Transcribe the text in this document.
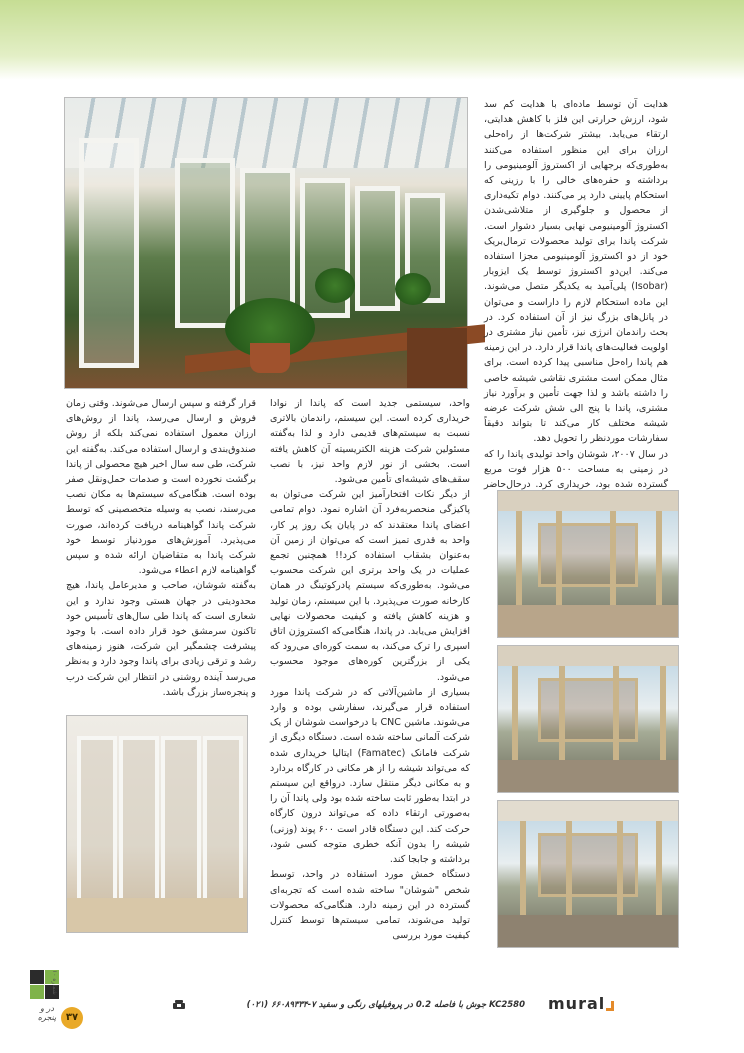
هدایت آن توسط ماده‌ای با هدایت کم سد شود، ارزش حرارتی این فلز با کاهش هدایتی، ارتقاء می‌یابد. بیشتر شرکت‌ها از راه‌حلی ارزان برای این منظور استفاده می‌کنند به‌طوری‌که برجهایی از اکستروژ آلومینیومی را برداشته و حفره‌های خالی را با رزینی که استحکام پایینی دارد پر می‌کنند. دوام‌ تکیه‌داری از محصول و جلوگیری از متلاشی‌شدن اکستروژ آلومینیومی نهایی بسیار دشوار است. شرکت پاندا برای تولید محصولات ترمال‌بریک خود از دو اکستروژ آلومینیومی مجزا استفاده می‌کند. این‌دو اکستروژ توسط یک ایزوبار (Isobar) پلی‌آمید به یکدیگر متصل می‌شوند. این ماده استحکام لازم را داراست و می‌توان در پانل‌های بزرگ نیز از آن استفاده کرد. در بحث راندمان انرژی نیز، تأمین نیاز مشتری در اولویت فعالیت‌های پاندا قرار دارد. در این زمینه هم پاندا راه‌حل مناسبی پیدا کرده است. برای مثال ممکن است مشتری نقاشی‌ شیشه خاصی را داشته باشد و لذا جهت تأمین و برآورد نیاز مشتری، پاندا با پنج الی شش شرکت عرضه شیشه مختلف کار می‌کند تا بتواند دقیقاً سفارشات موردنظر را تحویل دهد.
در سال ۲۰۰۷، شوشان واحد تولیدی پاندا را که در زمینی به مساحت ۵۰۰ هزار فوت مربع گسترده شده بود، خریداری کرد. درحال‌حاضر
واحد، سیستمی جدید است که پاندا از نوادا خریداری کرده است. این سیستم، راندمان بالاتری نسبت به سیستم‌های قدیمی دارد و لذا به‌گفته مسئولین شرکت هزینه الکتریسیته آن کاهش یافته است. بخشی از نور لازم واحد نیز، با نصب سقف‌های شیشه‌ای تأمین می‌شود.
از دیگر نکات افتخارآمیز این شرکت می‌توان به پاکیزگی منحصربه‌فرد آن اشاره نمود. دوام‌ تمامی اعضای پاندا معتقدند که در پایان یک روز پر کار، واحد به قدری تمیز است که می‌توان از زمین آن به‌عنوان بشقاب استفاده کرد!! همچنین تجمع عملیات در یک واحد برتری این شرکت محسوب می‌شود. به‌طوری‌که سیستم پادرکوتینگ در همان کارخانه صورت می‌پذیرد. با این سیستم، زمان تولید و هزینه کاهش یافته و کیفیت محصولات نهایی افزایش می‌یابد. در پاندا، هنگامی‌که اکستروژن اتاق اسپری را ترک می‌کند، به سمت کوره‌ای می‌رود که یکی از بزرگترین کوره‌های موجود محسوب می‌شود.
بسیاری از ماشین‌آلاتی که در شرکت پاندا مورد استفاده قرار می‌گیرند، سفارشی بوده و وارد می‌شوند. ماشین CNC با درخواست شوشان از یک شرکت آلمانی ساخته شده است. دستگاه دیگری از شرکت فامانک (Famatec) ایتالیا خریداری شده که می‌تواند شیشه را از هر مکانی در کارگاه بردارد و به مکانی دیگر منتقل سازد. درواقع این سیستم در ابتدا به‌طور ثابت ساخته شده بود ولی پاندا آن را به‌صورتی ارتقاء داده که می‌تواند درون کارگاه حرکت کند. این دستگاه قادر است ۶۰۰ پوند (وزنی) شیشه را بدون آنکه خطری متوجه کسی شود، برداشته و جابجا کند.
دستگاه خمش مورد استفاده در واحد، توسط شخص "شوشان" ساخته شده است که تجربه‌ای گسترده در این زمینه دارد. هنگامی‌که محصولات تولید می‌شوند، تمامی سیستم‌ها توسط کنترل کیفیت مورد بررسی
قرار گرفته و سپس ارسال می‌شوند. وقتی زمان فروش و ارسال می‌رسد، پاندا از روش‌های ارزان معمول استفاده نمی‌کند بلکه از روش صندوق‌بندی و ارسال استفاده می‌کند. به‌گفته این شرکت، طی سه سال اخیر هیچ محصولی از پاندا برگشت نخورده است و صدمات حمل‌ونقل صفر بوده است. هنگامی‌که سیستم‌ها به مکان نصب می‌رسند، نصب به وسیله متخصصینی که توسط شرکت پاندا گواهینامه دریافت کرده‌اند، صورت می‌پذیرد. آموزش‌های موردنیاز توسط خود شرکت پاندا به متقاضیان ارائه شده و سپس گواهینامه لازم اعطاء می‌شود.
به‌گفته شوشان، صاحب و مدیرعامل پاندا، هیچ محدودیتی در جهان هستی وجود ندارد و این شعاری است که پاندا طی سال‌های تأسیس خود تاکنون سرمشق خود قرار داده است. با وجود پیشرفت چشمگیر این شرکت، هنوز زمینه‌های رشد و ترقی زیادی برای پاندا وجود دارد و به‌نظر می‌رسد آینده روشنی در انتظار این شرکت درب و پنجره‌ساز بزرگ باشد.
در و پنجره ۳۷
شماره ۱۰
KC2580 جوش با فاصله 0.2 در پروفیلهای رنگی و سفید ۷-۶۶۰۸۹۳۳۴ (۰۲۱) mural
